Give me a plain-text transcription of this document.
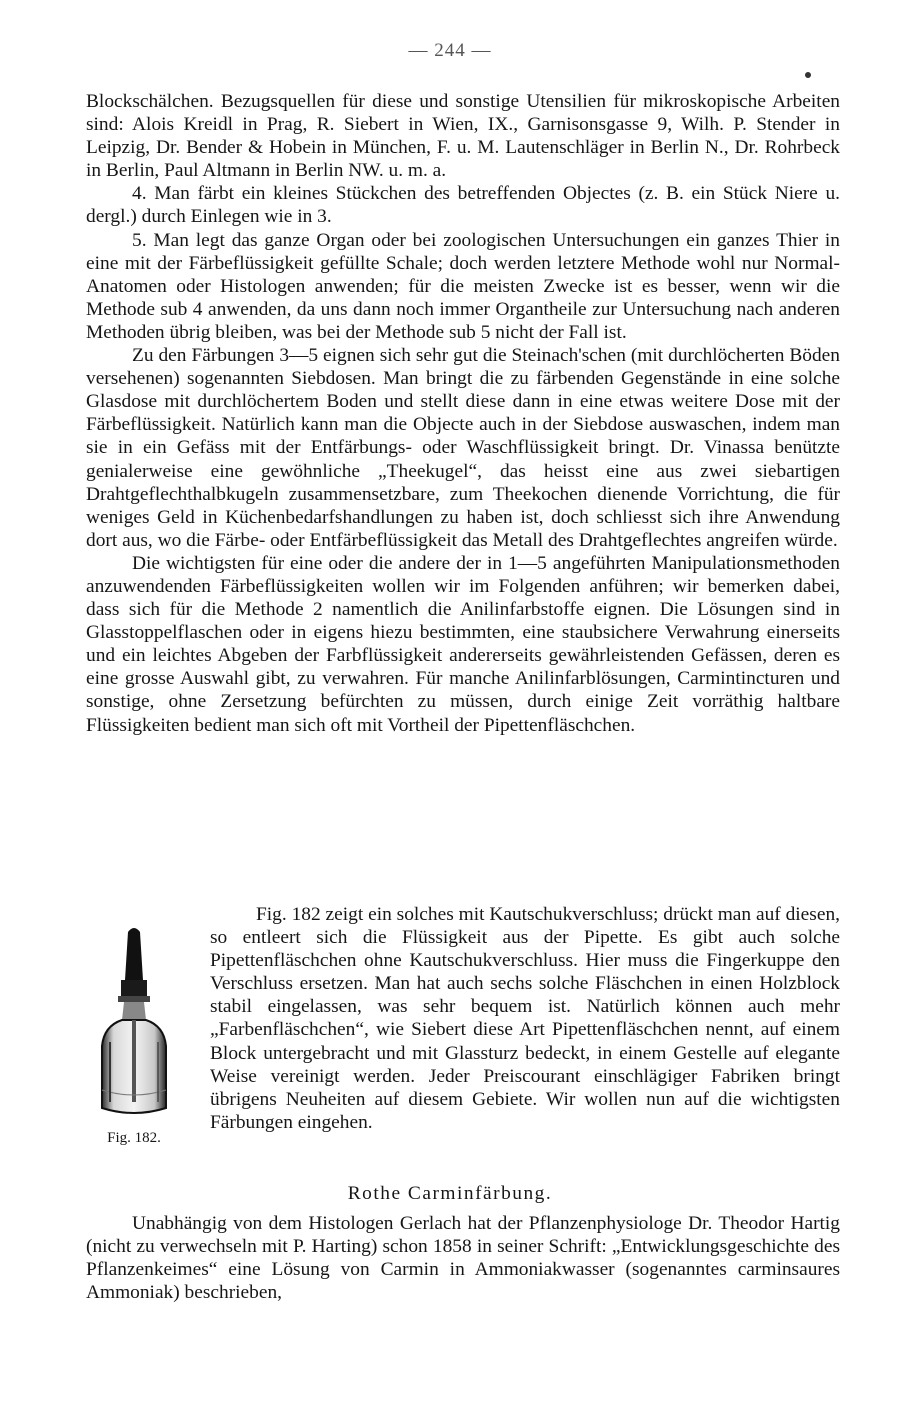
— 244 —

Blockschälchen. Bezugsquellen für diese und sonstige Utensilien für mikroskopische Arbeiten sind: Alois Kreidl in Prag, R. Siebert in Wien, IX., Garnisonsgasse 9, Wilh. P. Stender in Leipzig, Dr. Bender & Hobein in München, F. u. M. Lautenschläger in Berlin N., Dr. Rohrbeck in Berlin, Paul Altmann in Berlin NW. u. m. a.

4. Man färbt ein kleines Stückchen des betreffenden Objectes (z. B. ein Stück Niere u. dergl.) durch Einlegen wie in 3.

5. Man legt das ganze Organ oder bei zoologischen Untersuchungen ein ganzes Thier in eine mit der Färbeflüssigkeit gefüllte Schale; doch werden letztere Methode wohl nur Normal-Anatomen oder Histologen anwenden; für die meisten Zwecke ist es besser, wenn wir die Methode sub 4 anwenden, da uns dann noch immer Organtheile zur Untersuchung nach anderen Methoden übrig bleiben, was bei der Methode sub 5 nicht der Fall ist.

Zu den Färbungen 3—5 eignen sich sehr gut die Steinach'schen (mit durchlöcherten Böden versehenen) sogenannten Siebdosen. Man bringt die zu färbenden Gegenstände in eine solche Glasdose mit durchlöchertem Boden und stellt diese dann in eine etwas weitere Dose mit der Färbeflüssigkeit. Natürlich kann man die Objecte auch in der Siebdose auswaschen, indem man sie in ein Gefäss mit der Entfärbungs- oder Waschflüssigkeit bringt. Dr. Vinassa benützte genialerweise eine gewöhnliche „Theekugel“, das heisst eine aus zwei siebartigen Drahtgeflechthalbkugeln zusammensetzbare, zum Theekochen dienende Vorrichtung, die für weniges Geld in Küchenbedarfshandlungen zu haben ist, doch schliesst sich ihre Anwendung dort aus, wo die Färbe- oder Entfärbeflüssigkeit das Metall des Drahtgeflechtes angreifen würde.

Die wichtigsten für eine oder die andere der in 1—5 angeführten Manipulationsmethoden anzuwendenden Färbeflüssigkeiten wollen wir im Folgenden anführen; wir bemerken dabei, dass sich für die Methode 2 namentlich die Anilinfarbstoffe eignen. Die Lösungen sind in Glasstoppelflaschen oder in eigens hiezu bestimmten, eine staubsichere Verwahrung einerseits und ein leichtes Abgeben der Farbflüssigkeit andererseits gewährleistenden Gefässen, deren es eine grosse Auswahl gibt, zu verwahren. Für manche Anilinfarblösungen, Carmintincturen und sonstige, ohne Zersetzung befürchten zu müssen, durch einige Zeit vorräthig haltbare Flüssigkeiten bedient man sich oft mit Vortheil der Pipettenfläschchen.

Fig. 182.

Fig. 182 zeigt ein solches mit Kautschukverschluss; drückt man auf diesen, so entleert sich die Flüssigkeit aus der Pipette. Es gibt auch solche Pipettenfläschchen ohne Kautschukverschluss. Hier muss die Fingerkuppe den Verschluss ersetzen. Man hat auch sechs solche Fläschchen in einen Holzblock stabil eingelassen, was sehr bequem ist. Natürlich können auch mehr „Farbenfläschchen“, wie Siebert diese Art Pipettenfläschchen nennt, auf einem Block untergebracht und mit Glassturz bedeckt, in einem Gestelle auf elegante Weise vereinigt werden. Jeder Preiscourant einschlägiger Fabriken bringt übrigens Neuheiten auf diesem Gebiete. Wir wollen nun auf die wichtigsten Färbungen eingehen.

Rothe Carminfärbung.

Unabhängig von dem Histologen Gerlach hat der Pflanzenphysiologe Dr. Theodor Hartig (nicht zu verwechseln mit P. Harting) schon 1858 in seiner Schrift: „Entwicklungsgeschichte des Pflanzenkeimes“ eine Lösung von Carmin in Ammoniakwasser (sogenanntes carminsaures Ammoniak) beschrieben,
